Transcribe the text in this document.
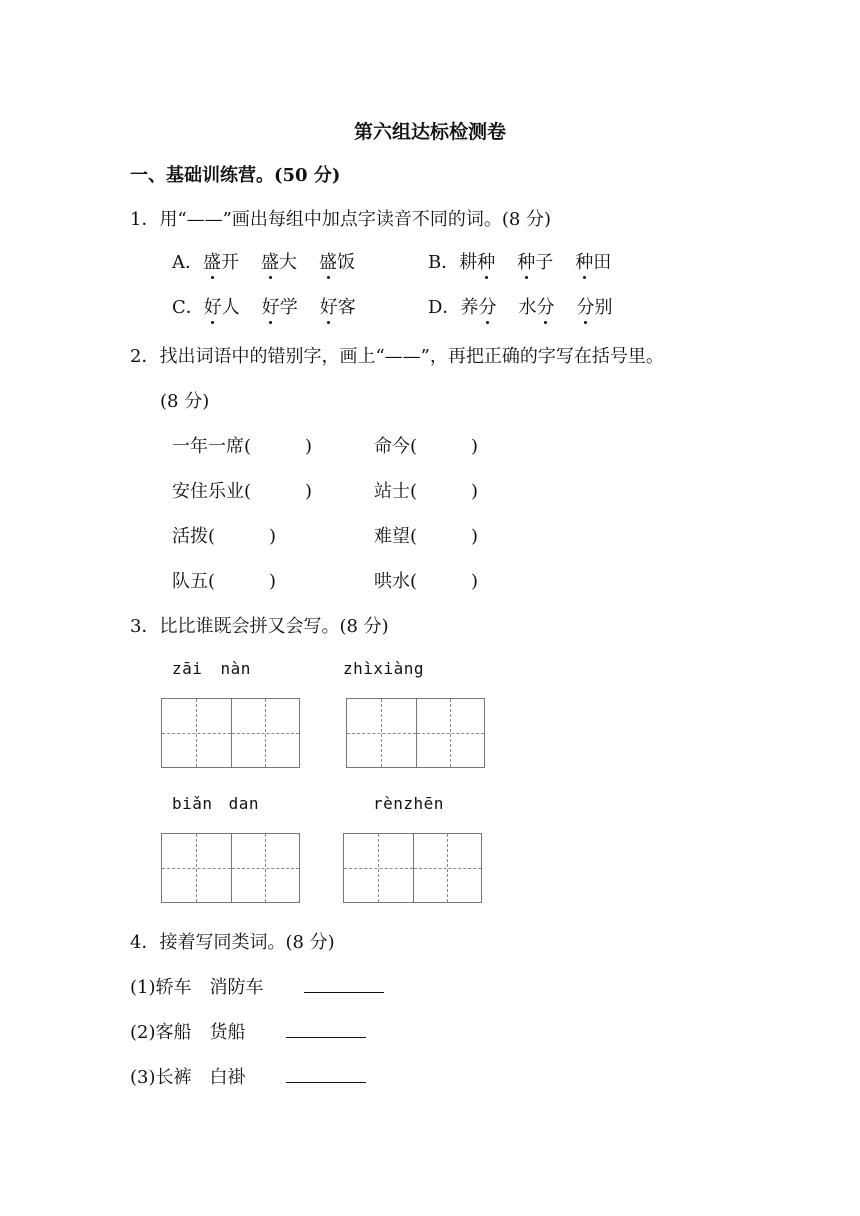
第六组达标检测卷
一、基础训练营。(50 分)
1．用“——”画出每组中加点字读音不同的词。(8 分)
A．盛开 盛大 盛饭	B．耕种 种子 种田
C．好人 好学 好客	D．养分 水分 分别
2．找出词语中的错别字，画上“——”，再把正确的字写在括号里。
(8 分)
一年一席(　　　)	命今(　　　)
安住乐业(　　　)	站士(　　　)
活拨(　　　)	难望(　　　)
队五(　　　)	哄水(　　　)
3．比比谁既会拼又会写。(8 分)
zāi nàn	zhìxiàng
biǎn dan	rènzhēn
4．接着写同类词。(8 分)
(1)轿车　消防车
(2)客船　货船
(3)长裤　白褂
